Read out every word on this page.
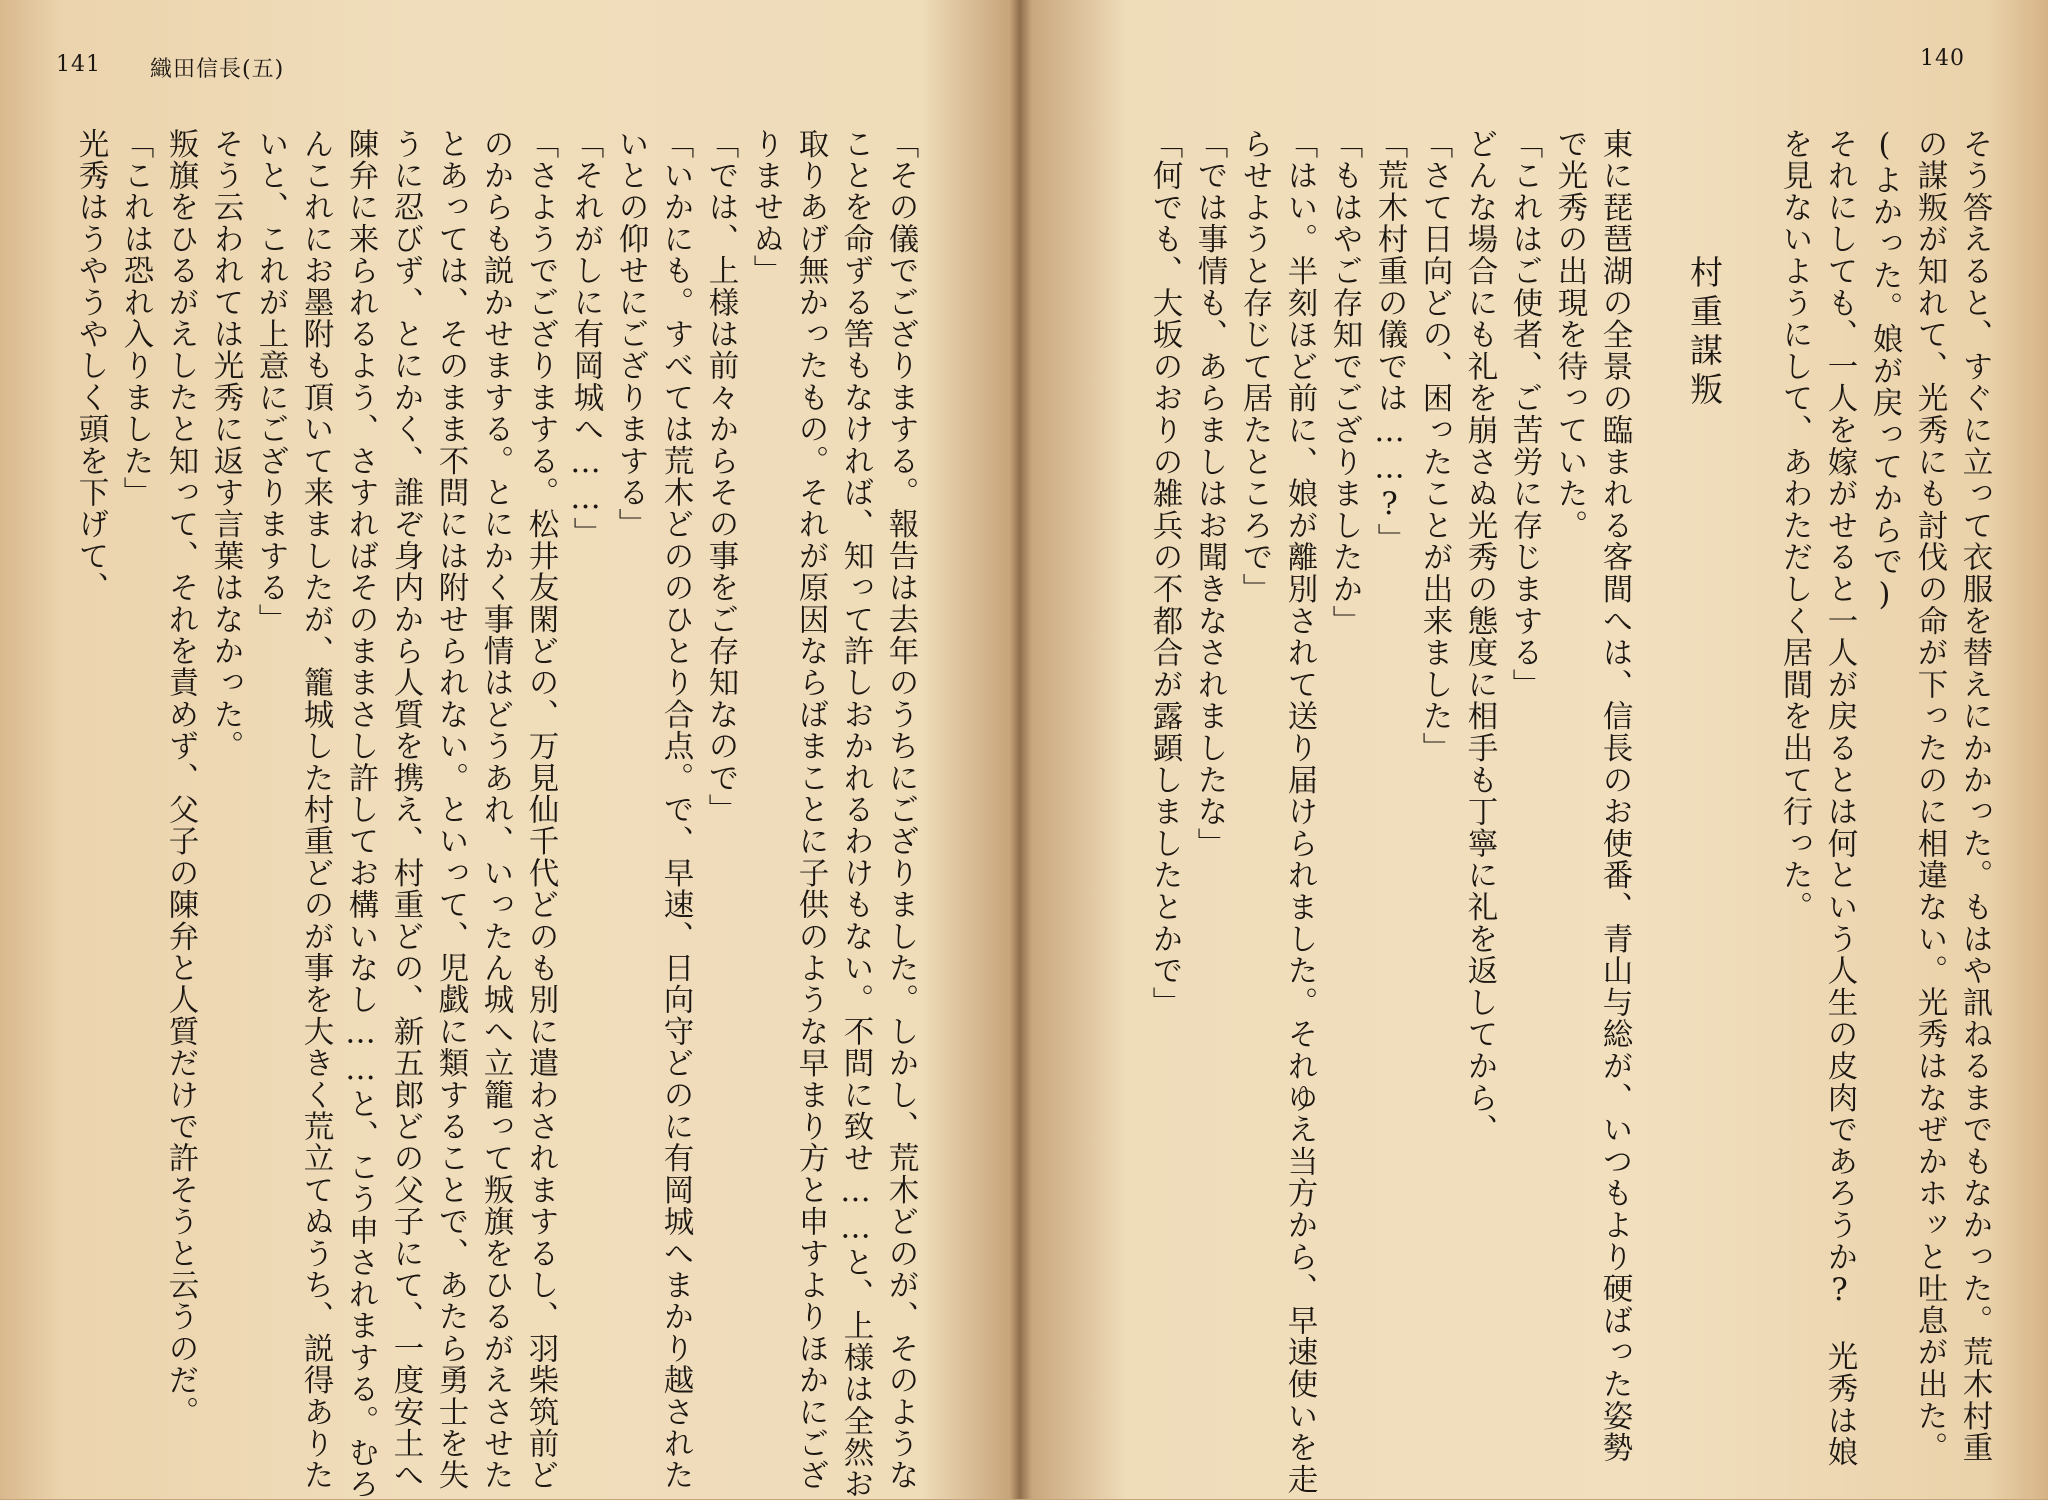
141 織田信長(五)
「その儀でござりまする。報告は去年のうちにござりました。しかし、荒木どのが、そのような
ことを命ずる筈もなければ、知って許しおかれるわけもない。不問に致せ……と、上様は全然お
取りあげ無かったもの。それが原因ならばまことに子供のような早まり方と申すよりほかにござ
りませぬ」
「では、上様は前々からその事をご存知なので」
「いかにも。すべては荒木どののひとり合点。で、早速、日向守どのに有岡城へまかり越された
いとの仰せにござりまする」
「それがしに有岡城へ……」
「さようでござりまする。松井友閑どの、万見仙千代どのも別に遣わされまするし、羽柴筑前ど
のからも説かせまする。とにかく事情はどうあれ、いったん城へ立籠って叛旗をひるがえさせた
とあっては、そのまま不問には附せられない。といって、児戯に類することで、あたら勇士を失
うに忍びず、とにかく、誰ぞ身内から人質を携え、村重どの、新五郎どの父子にて、一度安土へ
陳弁に来られるよう、さすればそのままさし許してお構いなし……と、こう申されまする。むろ
んこれにお墨附も頂いて来ましたが、籠城した村重どのが事を大きく荒立てぬうち、説得ありた
いと、これが上意にござりまする」
そう云われては光秀に返す言葉はなかった。
叛旗をひるがえしたと知って、それを責めず、父子の陳弁と人質だけで許そうと云うのだ。
「これは恐れ入りました」
光秀はうやうやしく頭を下げて、
140
そう答えると、すぐに立って衣服を替えにかかった。もはや訊ねるまでもなかった。荒木村重
の謀叛が知れて、光秀にも討伐の命が下ったのに相違ない。光秀はなぜかホッと吐息が出た。
(よかった。娘が戻ってからで)
それにしても、一人を嫁がせると一人が戻るとは何という人生の皮肉であろうか?　光秀は娘
を見ないようにして、あわただしく居間を出て行った。
村重謀叛
東に琵琶湖の全景の臨まれる客間へは、信長のお使番、青山与総が、いつもより硬ばった姿勢
で光秀の出現を待っていた。
「これはご使者、ご苦労に存じまする」
どんな場合にも礼を崩さぬ光秀の態度に相手も丁寧に礼を返してから、
「さて日向どの、困ったことが出来ました」
「荒木村重の儀では……?」
「もはやご存知でござりましたか」
「はい。半刻ほど前に、娘が離別されて送り届けられました。それゆえ当方から、早速使いを走
らせようと存じて居たところで」
「では事情も、あらましはお聞きなされましたな」
「何でも、大坂のおりの雑兵の不都合が露顕しましたとかで」
